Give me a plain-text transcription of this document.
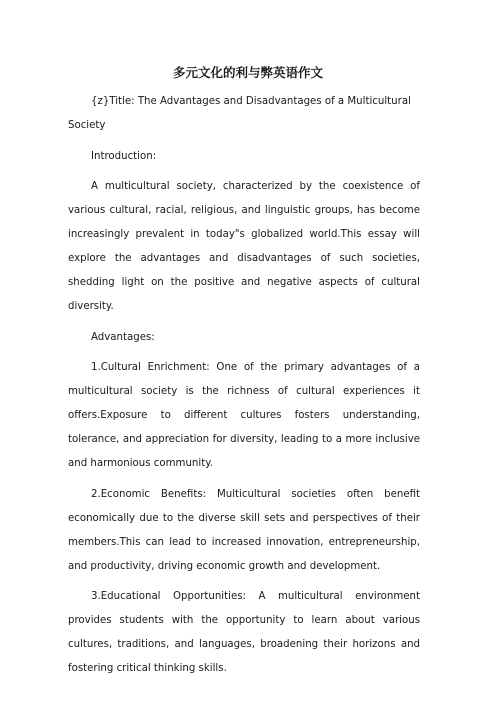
多元文化的利与弊英语作文

{z}Title: The Advantages and Disadvantages of a Multicultural Society

Introduction:

A multicultural society, characterized by the coexistence of various cultural, racial, religious, and linguistic groups, has become increasingly prevalent in today"s globalized world.This essay will explore the advantages and disadvantages of such societies, shedding light on the positive and negative aspects of cultural diversity.

Advantages:

1.Cultural Enrichment: One of the primary advantages of a multicultural society is the richness of cultural experiences it offers.Exposure to different cultures fosters understanding, tolerance, and appreciation for diversity, leading to a more inclusive and harmonious community.

2.Economic Benefits: Multicultural societies often benefit economically due to the diverse skill sets and perspectives of their members.This can lead to increased innovation, entrepreneurship, and productivity, driving economic growth and development.

3.Educational Opportunities: A multicultural environment provides students with the opportunity to learn about various cultures, traditions, and languages, broadening their horizons and fostering critical thinking skills.
